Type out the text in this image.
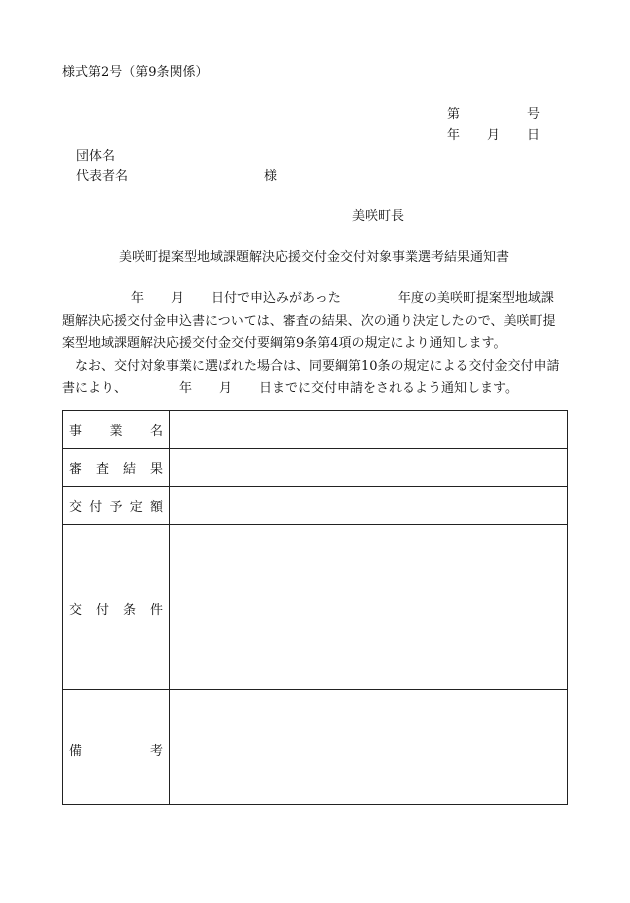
様式第2号（第9条関係）
第	号
年 月 日
団体名
代表者名	様
美咲町長
美咲町提案型地域課題解決応援交付金交付対象事業選考結果通知書

年 月 日付で申込みがあった	年度の美咲町提案型地域課

題解決応援交付金申込書については、審査の結果、次の通り決定したので、美咲町提

案型地域課題解決応援交付金交付要綱第9条第4項の規定により通知します。

なお、交付対象事業に選ばれた場合は、同要綱第10条の規定による交付金交付申請

書により、	年 月 日までに交付申請をされるよう通知します。

事 業 名	

審 査 結 果	

交 付 予 定 額	

交 付 条 件	

備 考	
